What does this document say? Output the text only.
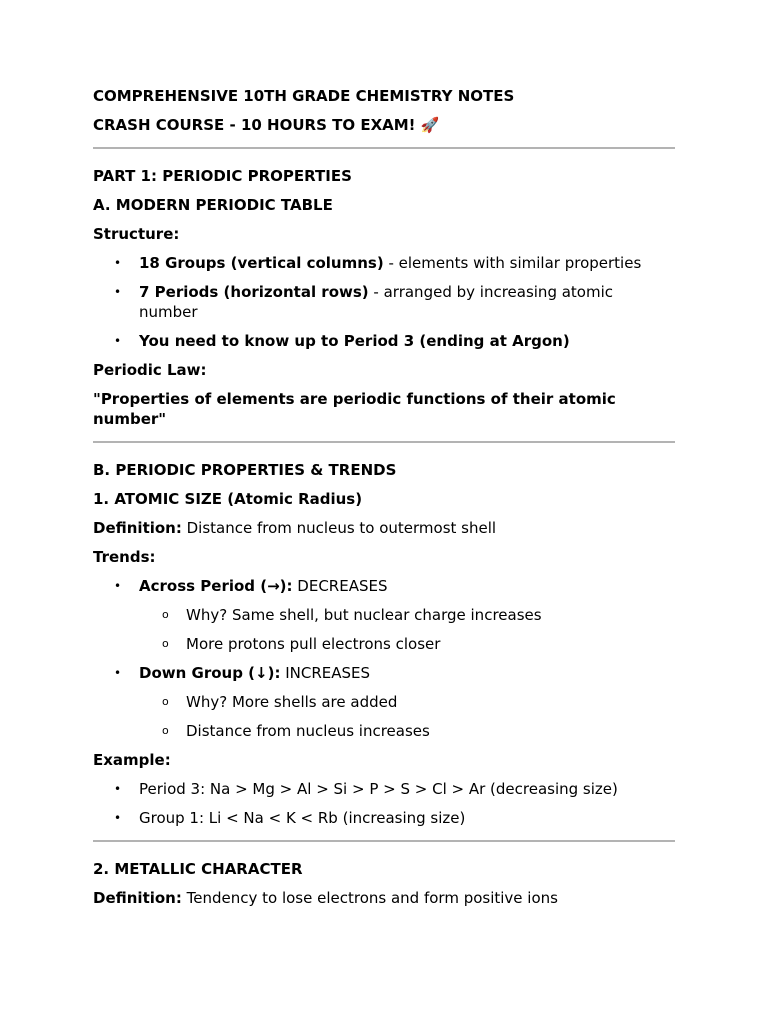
COMPREHENSIVE 10TH GRADE CHEMISTRY NOTES
CRASH COURSE - 10 HOURS TO EXAM! 🚀
PART 1: PERIODIC PROPERTIES
A. MODERN PERIODIC TABLE
Structure:
• 18 Groups (vertical columns) - elements with similar properties
• 7 Periods (horizontal rows) - arranged by increasing atomic number
• You need to know up to Period 3 (ending at Argon)
Periodic Law:
"Properties of elements are periodic functions of their atomic number"
B. PERIODIC PROPERTIES & TRENDS
1. ATOMIC SIZE (Atomic Radius)
Definition: Distance from nucleus to outermost shell
Trends:
• Across Period (→): DECREASES
o Why? Same shell, but nuclear charge increases
o More protons pull electrons closer
• Down Group (↓): INCREASES
o Why? More shells are added
o Distance from nucleus increases
Example:
• Period 3: Na > Mg > Al > Si > P > S > Cl > Ar (decreasing size)
• Group 1: Li < Na < K < Rb (increasing size)
2. METALLIC CHARACTER
Definition: Tendency to lose electrons and form positive ions
